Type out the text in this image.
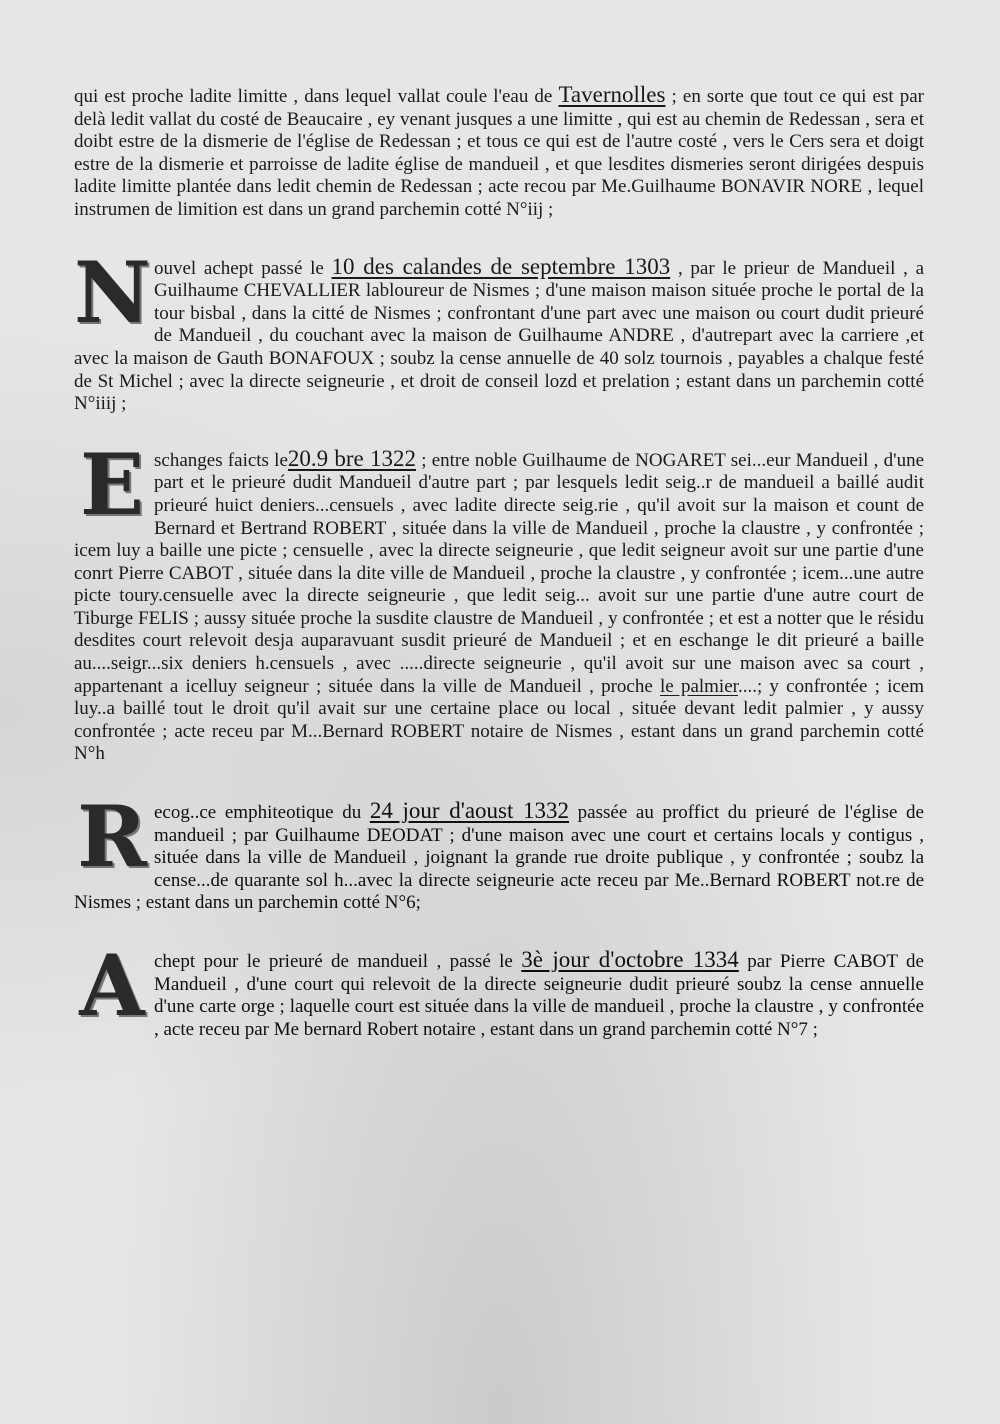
qui est proche ladite limitte , dans lequel vallat coule l'eau de Tavernolles ; en sorte que tout ce qui est par delà ledit vallat du costé de Beaucaire , ey venant jusques a une limitte , qui est au chemin de Redessan , sera et doibt estre de la dismerie de l'église de Redessan ; et tous ce qui est de l'autre costé , vers le Cers sera et doigt estre de la dismerie et parroisse de ladite église de mandueil , et que lesdites dismeries seront dirigées despuis ladite limitte plantée dans ledit chemin de Redessan ; acte recou par Me.Guilhaume BONAVIR NORE , lequel instrumen de limition est dans un grand parchemin cotté N°iij ;

Nouvel achept passé le 10 des calandes de septembre 1303 , par le prieur de Mandueil , a Guilhaume CHEVALLIER labloureur de Nismes ; d'une maison maison située proche le portal de la tour bisbal , dans la citté de Nismes ; confrontant d'une part avec une maison ou court dudit prieuré de Mandueil , du couchant avec la maison de Guilhaume ANDRE , d'autrepart avec la carriere ,et avec la maison de Gauth BONAFOUX ; soubz la cense annuelle de 40 solz tournois , payables a chalque festé de St Michel ; avec la directe seigneurie , et droit de conseil lozd et prelation ; estant dans un parchemin cotté N°iiij ;

Eschanges faicts le20.9 bre 1322 ; entre noble Guilhaume de NOGARET sei...eur Mandueil , d'une part et le prieuré dudit Mandueil d'autre part ; par lesquels ledit seig..r de mandueil a baillé audit prieuré huict deniers...censuels , avec ladite directe seig.rie , qu'il avoit sur la maison et count de Bernard et Bertrand ROBERT , située dans la ville de Mandueil , proche la claustre , y confrontée ; icem luy a baille une picte ; censuelle , avec la directe seigneurie , que ledit seigneur avoit sur une partie d'une conrt Pierre CABOT , située dans la dite ville de Mandueil , proche la claustre , y confrontée ; icem...une autre picte toury.censuelle avec la directe seigneurie , que ledit seig... avoit sur une partie d'une autre court de Tiburge FELIS ; aussy située proche la susdite claustre de Mandueil , y confrontée ; et est a notter que le résidu desdites court relevoit desja auparavuant susdit prieuré de Mandueil ; et en eschange le dit prieuré a baille au....seigr...six deniers h.censuels , avec .....directe seigneurie , qu'il avoit sur une maison avec sa court , appartenant a icelluy seigneur ; située dans la ville de Mandueil , proche le palmier....; y confrontée ; icem luy..a baillé tout le droit qu'il avait sur une certaine place ou local , située devant ledit palmier , y aussy confrontée ; acte receu par M...Bernard ROBERT notaire de Nismes , estant dans un grand parchemin cotté N°h

Recog..ce emphiteotique du 24 jour d'aoust 1332 passée au proffict du prieuré de l'église de mandueil ; par Guilhaume DEODAT ; d'une maison avec une court et certains locals y contigus , située dans la ville de Mandueil , joignant la grande rue droite publique , y confrontée ; soubz la cense...de quarante sol h...avec la directe seigneurie acte receu par Me..Bernard ROBERT not.re de Nismes ; estant dans un parchemin cotté N°6;

Achept pour le prieuré de mandueil , passé le 3è jour d'octobre 1334 par Pierre CABOT de Mandueil , d'une court qui relevoit de la directe seigneurie dudit prieuré soubz la cense annuelle d'une carte orge ; laquelle court est située dans la ville de mandueil , proche la claustre , y confrontée , acte receu par Me bernard Robert notaire , estant dans un grand parchemin cotté N°7 ;
